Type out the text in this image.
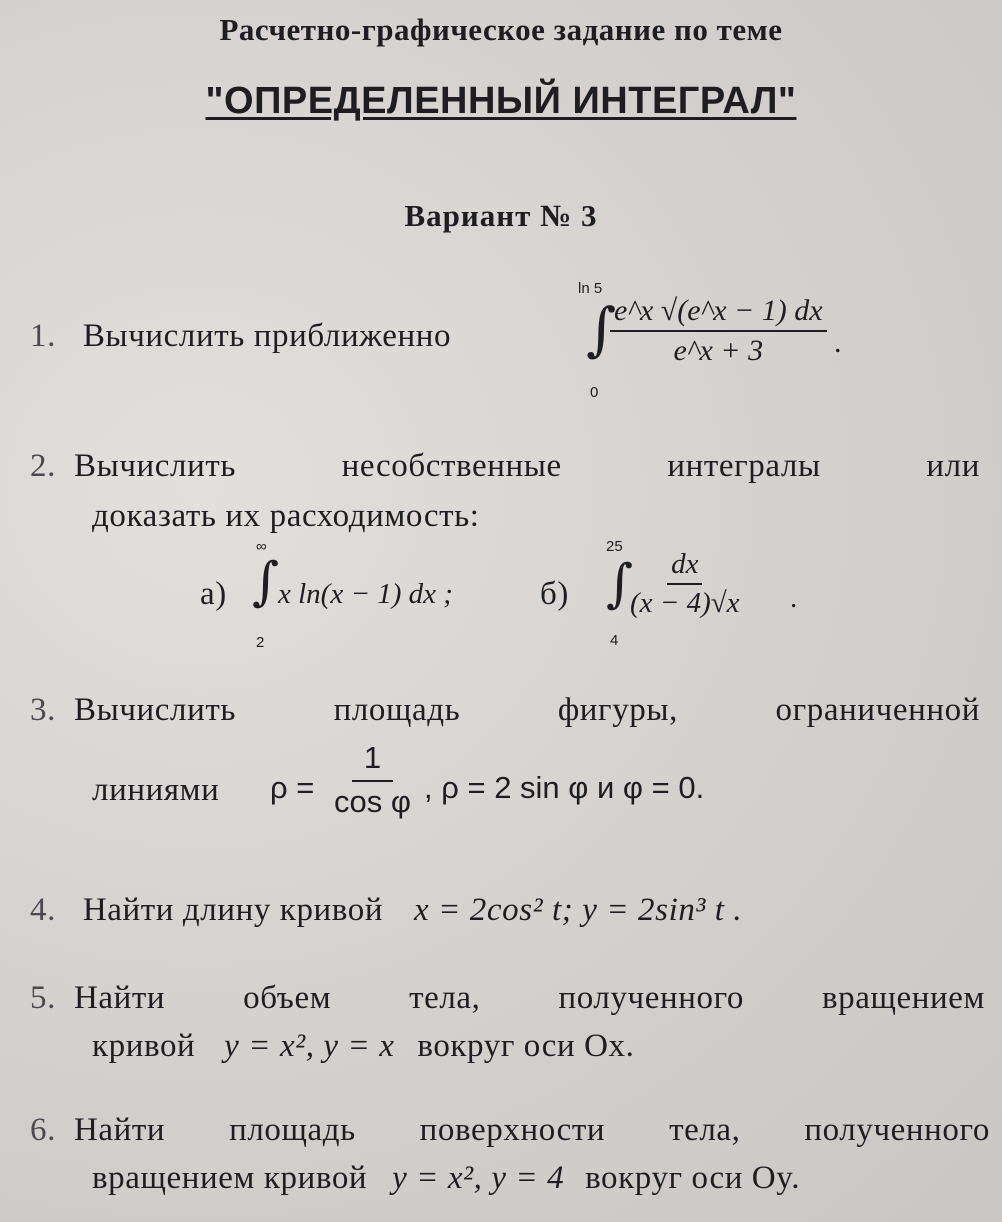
Расчетно-графическое задание по теме
"ОПРЕДЕЛЕННЫЙ ИНТЕГРАЛ"
Вариант № 3
1. Вычислить приближенно
ln 5
∫
0
$\frac{e\^{}x √(e\^{}x - 1) dx}{e\^{}x + 3}$ .
2. Вычислить	несобственные	интегралы	или
доказать их расходимость:
а)
∞
∫
2
x ln(x − 1) dx ;	б)
25
∫
4
$\frac{dx}{(x - 4)√x}$ .
3. Вычислить	площадь	фигуры,	ограниченной
линиями $\rho = \frac{1}{\text{cos φ}}$ , ρ = 2 sin φ и φ = 0.
4. Найти длину кривой x = 2cos² t; y = 2sin³ t .
5. Найти объем тела, полученного вращением
кривой y = x², y = x вокруг оси Ox.
6. Найти площадь поверхности тела, полученного
вращением кривой y = x², y = 4 вокруг оси Oy.
